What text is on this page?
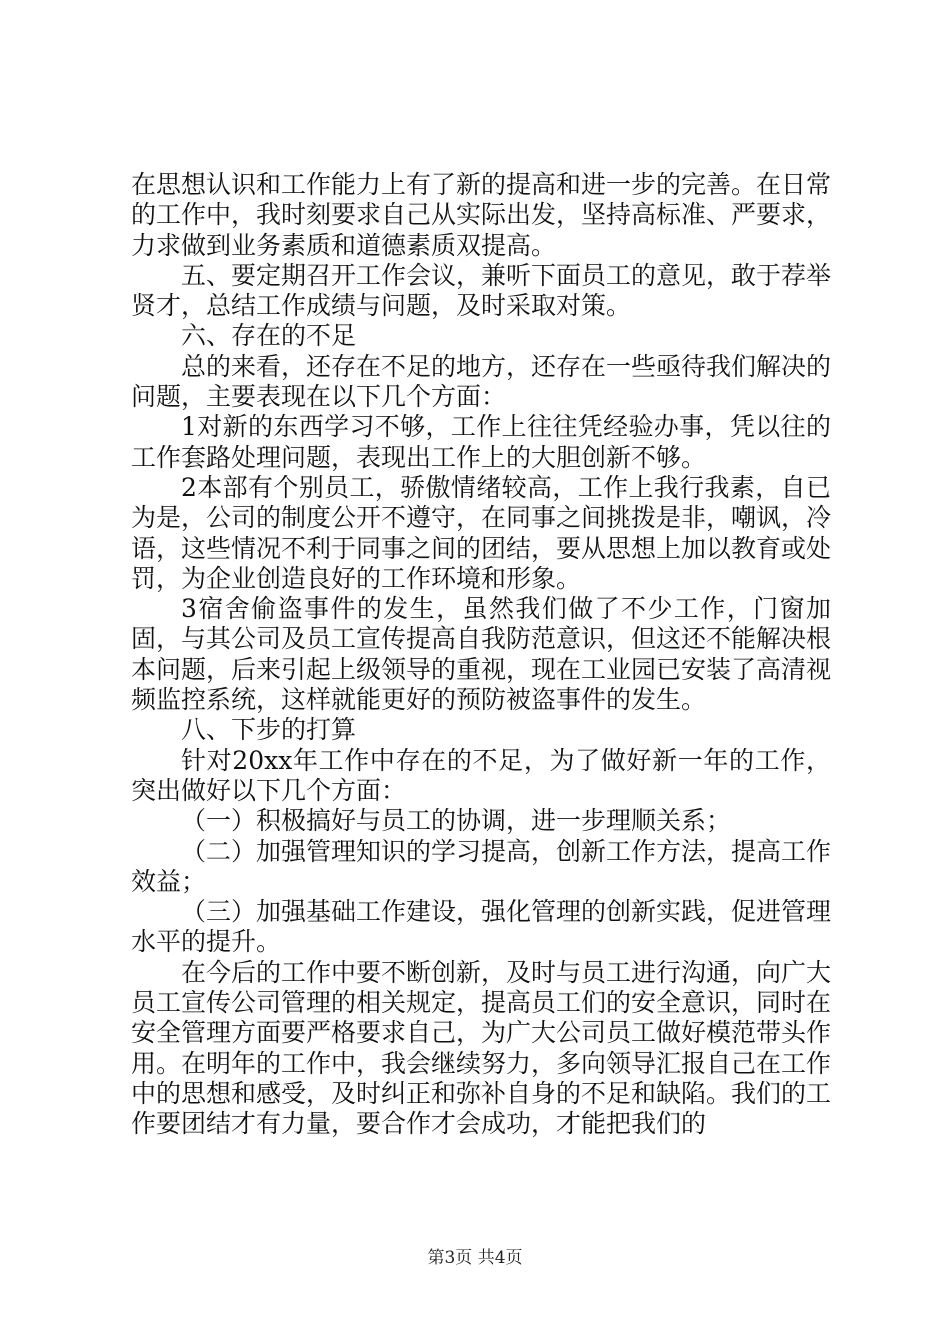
在思想认识和工作能力上有了新的提高和进一步的完善。在日常的工作中，我时刻要求自己从实际出发，坚持高标准、严要求，力求做到业务素质和道德素质双提高。

五、要定期召开工作会议，兼听下面员工的意见，敢于荐举贤才，总结工作成绩与问题，及时采取对策。

六、存在的不足

总的来看，还存在不足的地方，还存在一些亟待我们解决的问题，主要表现在以下几个方面：

1对新的东西学习不够，工作上往往凭经验办事，凭以往的工作套路处理问题，表现出工作上的大胆创新不够。

2本部有个别员工，骄傲情绪较高，工作上我行我素，自已为是，公司的制度公开不遵守，在同事之间挑拨是非，嘲讽，冷语，这些情况不利于同事之间的团结，要从思想上加以教育或处罚，为企业创造良好的工作环境和形象。

3宿舍偷盗事件的发生，虽然我们做了不少工作，门窗加固，与其公司及员工宣传提高自我防范意识，但这还不能解决根本问题，后来引起上级领导的重视，现在工业园已安装了高清视频监控系统，这样就能更好的预防被盗事件的发生。

八、下步的打算

针对20xx年工作中存在的不足，为了做好新一年的工作，突出做好以下几个方面：

（一）积极搞好与员工的协调，进一步理顺关系；

（二）加强管理知识的学习提高，创新工作方法，提高工作效益；

（三）加强基础工作建设，强化管理的创新实践，促进管理水平的提升。

在今后的工作中要不断创新，及时与员工进行沟通，向广大员工宣传公司管理的相关规定，提高员工们的安全意识，同时在安全管理方面要严格要求自己，为广大公司员工做好模范带头作用。在明年的工作中，我会继续努力，多向领导汇报自己在工作中的思想和感受，及时纠正和弥补自身的不足和缺陷。我们的工作要团结才有力量，要合作才会成功，才能把我们的

第3页 共4页
